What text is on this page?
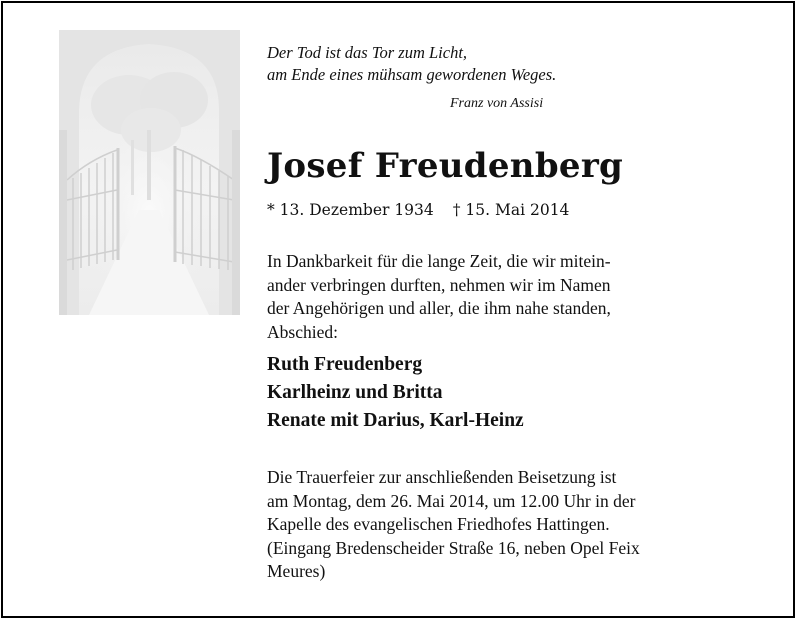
Der Tod ist das Tor zum Licht,
am Ende eines mühsam gewordenen Weges.
Franz von Assisi
Josef Freudenberg
* 13. Dezember 1934 † 15. Mai 2014
In Dankbarkeit für die lange Zeit, die wir mitein-
ander verbringen durften, nehmen wir im Namen
der Angehörigen und aller, die ihm nahe standen,
Abschied:
Ruth Freudenberg
Karlheinz und Britta
Renate mit Darius, Karl-Heinz
Die Trauerfeier zur anschließenden Beisetzung ist
am Montag, dem 26. Mai 2014, um 12.00 Uhr in der
Kapelle des evangelischen Friedhofes Hattingen.
(Eingang Bredenscheider Straße 16, neben Opel Feix
Meures)
